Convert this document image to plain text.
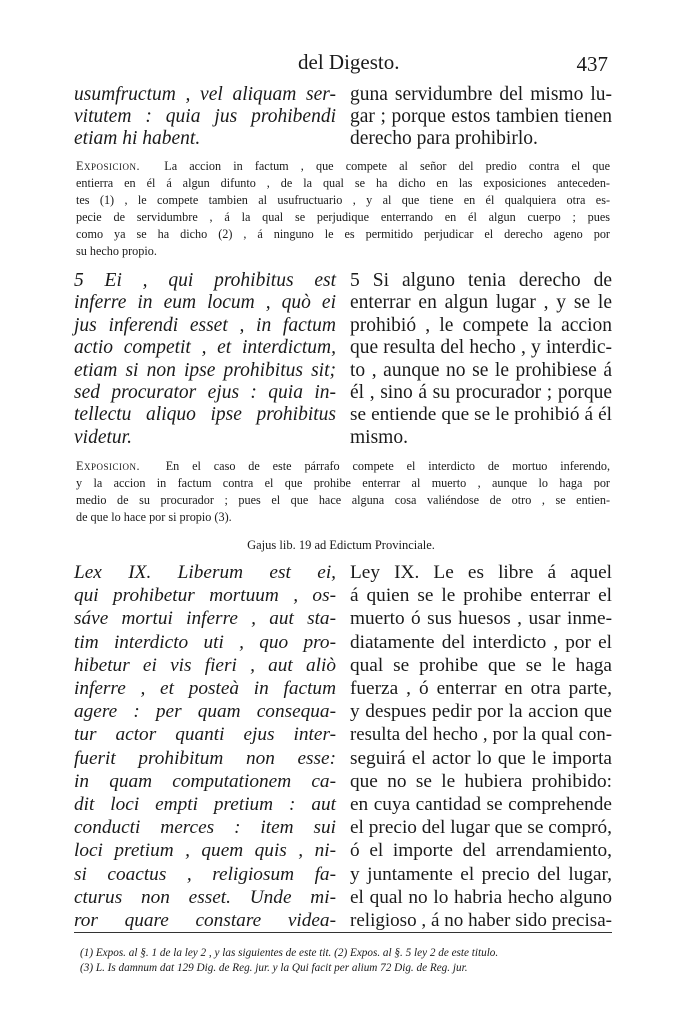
del Digesto.	437
usumfructum , vel aliquam ser-
vitutem : quia jus prohibendi
etiam hi habent.
guna servidumbre del mismo lu-
gar ; porque estos tambien tienen
derecho para prohibirlo.
Exposicion. La accion in factum , que compete al señor del predio contra el que
entierra en él á algun difunto , de la qual se ha dicho en las exposiciones anteceden-
tes (1) , le compete tambien al usufructuario , y al que tiene en él qualquiera otra es-
pecie de servidumbre , á la qual se perjudique enterrando en él algun cuerpo ; pues
como ya se ha dicho (2) , á ninguno le es permitido perjudicar el derecho ageno por
su hecho propio.
5 Ei , qui prohibitus est
inferre in eum locum , quò ei
jus inferendi esset , in factum
actio competit , et interdictum,
etiam si non ipse prohibitus sit;
sed procurator ejus : quia in-
tellectu aliquo ipse prohibitus
videtur.
5 Si alguno tenia derecho de
enterrar en algun lugar , y se le
prohibió , le compete la accion
que resulta del hecho , y interdic-
to , aunque no se le prohibiese á
él , sino á su procurador ; porque
se entiende que se le prohibió á él
mismo.
Exposicion. En el caso de este párrafo compete el interdicto de mortuo inferendo,
y la accion in factum contra el que prohibe enterrar al muerto , aunque lo haga por
medio de su procurador ; pues el que hace alguna cosa valiéndose de otro , se entien-
de que lo hace por si propio (3).
Gajus lib. 19 ad Edictum Provinciale.
Lex IX. Liberum est ei,
qui prohibetur mortuum , os-
sáve mortui inferre , aut sta-
tim interdicto uti , quo pro-
hibetur ei vis fieri , aut aliò
inferre , et posteà in factum
agere : per quam consequa-
tur actor quanti ejus inter-
fuerit prohibitum non esse:
in quam computationem ca-
dit loci empti pretium : aut
conducti merces : item sui
loci pretium , quem quis , ni-
si coactus , religiosum fa-
cturus non esset. Unde mi-
ror quare constare videa-
Ley IX. Le es libre á aquel
á quien se le prohibe enterrar el
muerto ó sus huesos , usar inme-
diatamente del interdicto , por el
qual se prohibe que se le haga
fuerza , ó enterrar en otra parte,
y despues pedir por la accion que
resulta del hecho , por la qual con-
seguirá el actor lo que le importa
que no se le hubiera prohibido:
en cuya cantidad se comprehende
el precio del lugar que se compró,
ó el importe del arrendamiento,
y juntamente el precio del lugar,
el qual no lo habria hecho alguno
religioso , á no haber sido precisa-
(1) Expos. al §. 1 de la ley 2 , y las siguientes de este tit. (2) Expos. al §. 5 ley 2 de este titulo.
(3) L. Is damnum dat 129 Dig. de Reg. jur. y la Qui facit per alium 72 Dig. de Reg. jur.
